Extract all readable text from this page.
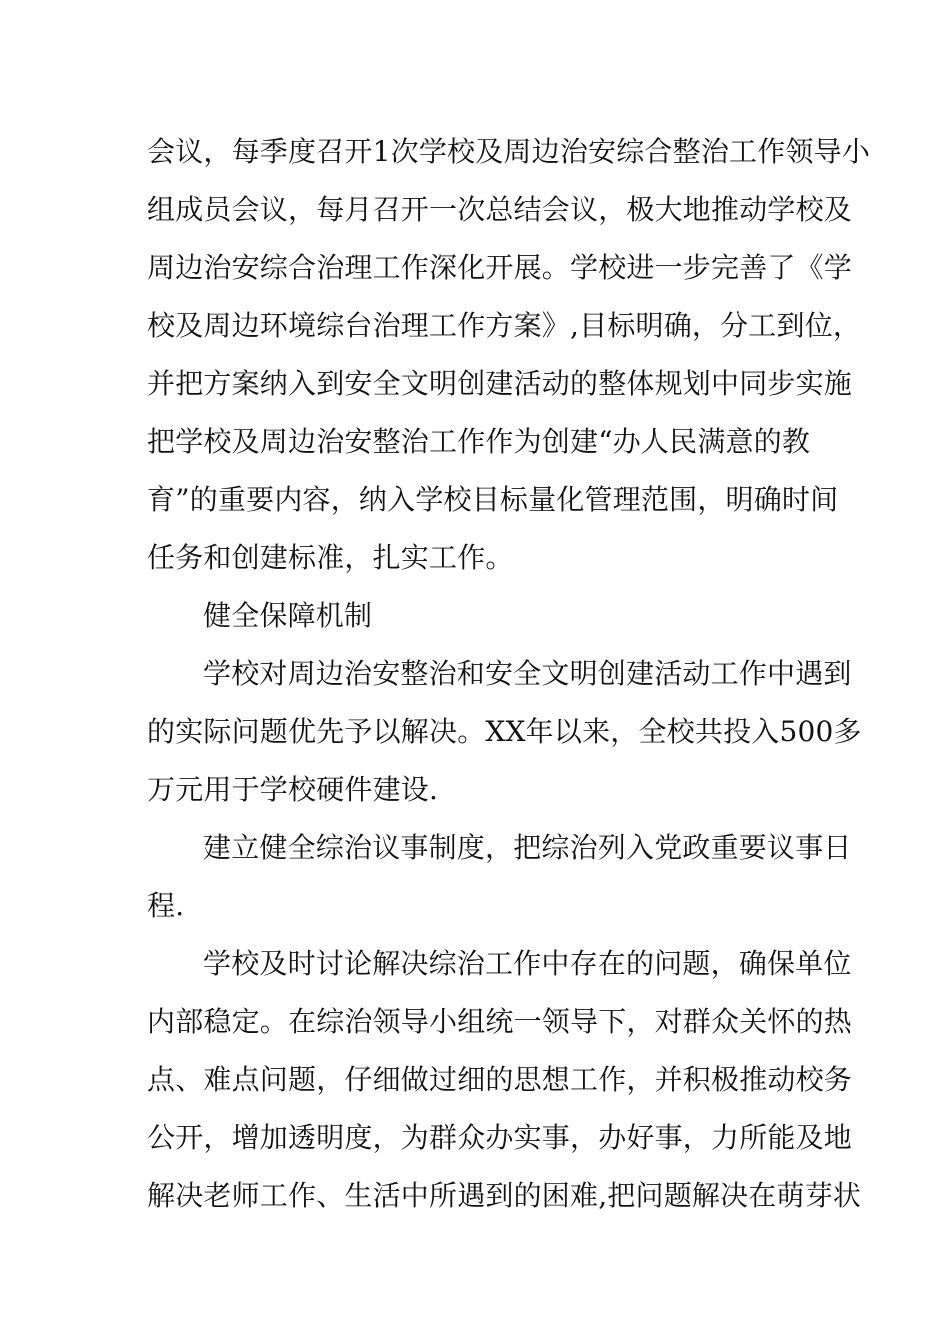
会议，每季度召开1次学校及周边治安综合整治工作领导小
组成员会议，每月召开一次总结会议，极大地推动学校及
周边治安综合治理工作深化开展。学校进一步完善了《学
校及周边环境综台治理工作方案》,目标明确，分工到位，
并把方案纳入到安全文明创建活动的整体规划中同步实施
把学校及周边治安整治工作作为创建“办人民满意的教
育”的重要内容，纳入学校目标量化管理范围，明确时间
任务和创建标准，扎实工作。
健全保障机制
学校对周边治安整治和安全文明创建活动工作中遇到
的实际问题优先予以解决。XX年以来，全校共投入500多
万元用于学校硬件建设.
建立健全综治议事制度，把综治列入党政重要议事日
程.
学校及时讨论解决综治工作中存在的问题，确保单位
内部稳定。在综治领导小组统一领导下，对群众关怀的热
点、难点问题，仔细做过细的思想工作，并积极推动校务
公开，增加透明度，为群众办实事，办好事，力所能及地
解决老师工作、生活中所遇到的困难,把问题解决在萌芽状
